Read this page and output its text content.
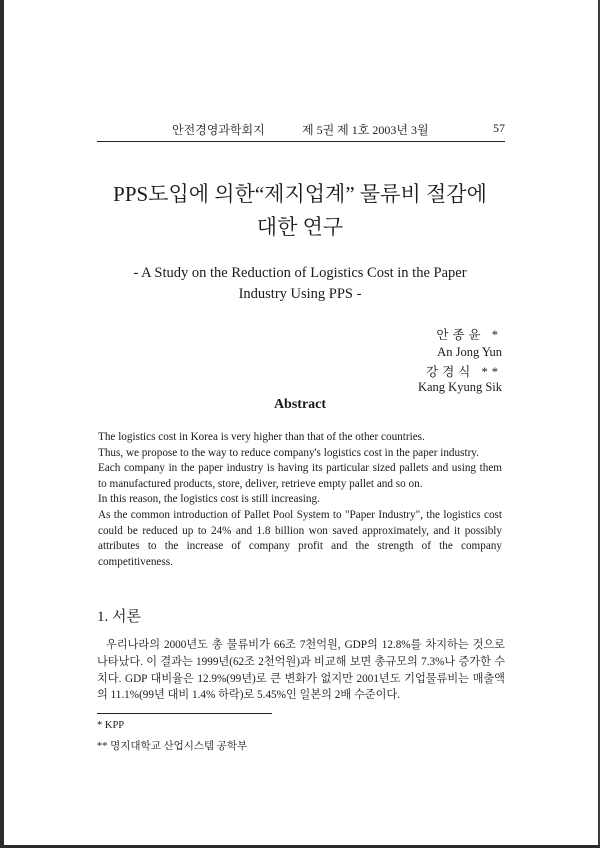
안전경영과학회지	제 5권 제 1호 2003년 3월	57
PPS도입에 의한“제지업계” 물류비 절감에
대한 연구
- A Study on the Reduction of Logistics Cost in the Paper
Industry Using PPS -
안종윤 *
An Jong Yun
강경식 **
Kang Kyung Sik
Abstract

The logistics cost in Korea is very higher than that of the other countries.

Thus, we propose to the way to reduce company's logistics cost in the paper industry.

Each company in the paper industry is having its particular sized pallets and using them to manufactured products, store, deliver, retrieve empty pallet and so on.

In this reason, the logistics cost is still increasing.

As the common introduction of Pallet Pool System to "Paper Industry", the logistics cost could be reduced up to 24% and 1.8 billion won saved approximately, and it possibly attributes to the increase of company profit and the strength of the company competitiveness.

1. 서론

우리나라의 2000년도 총 물류비가 66조 7천억원, GDP의 12.8%를 차지하는 것으로 나타났다. 이 결과는 1999년(62조 2천억원)과 비교해 보면 총규모의 7.3%나 증가한 수치다. GDP 대비율은 12.9%(99년)로 큰 변화가 없지만 2001년도 기업물류비는 매출액의 11.1%(99년 대비 1.4% 하락)로 5.45%인 일본의 2배 수준이다.

* KPP
** 명지대학교 산업시스템 공학부
